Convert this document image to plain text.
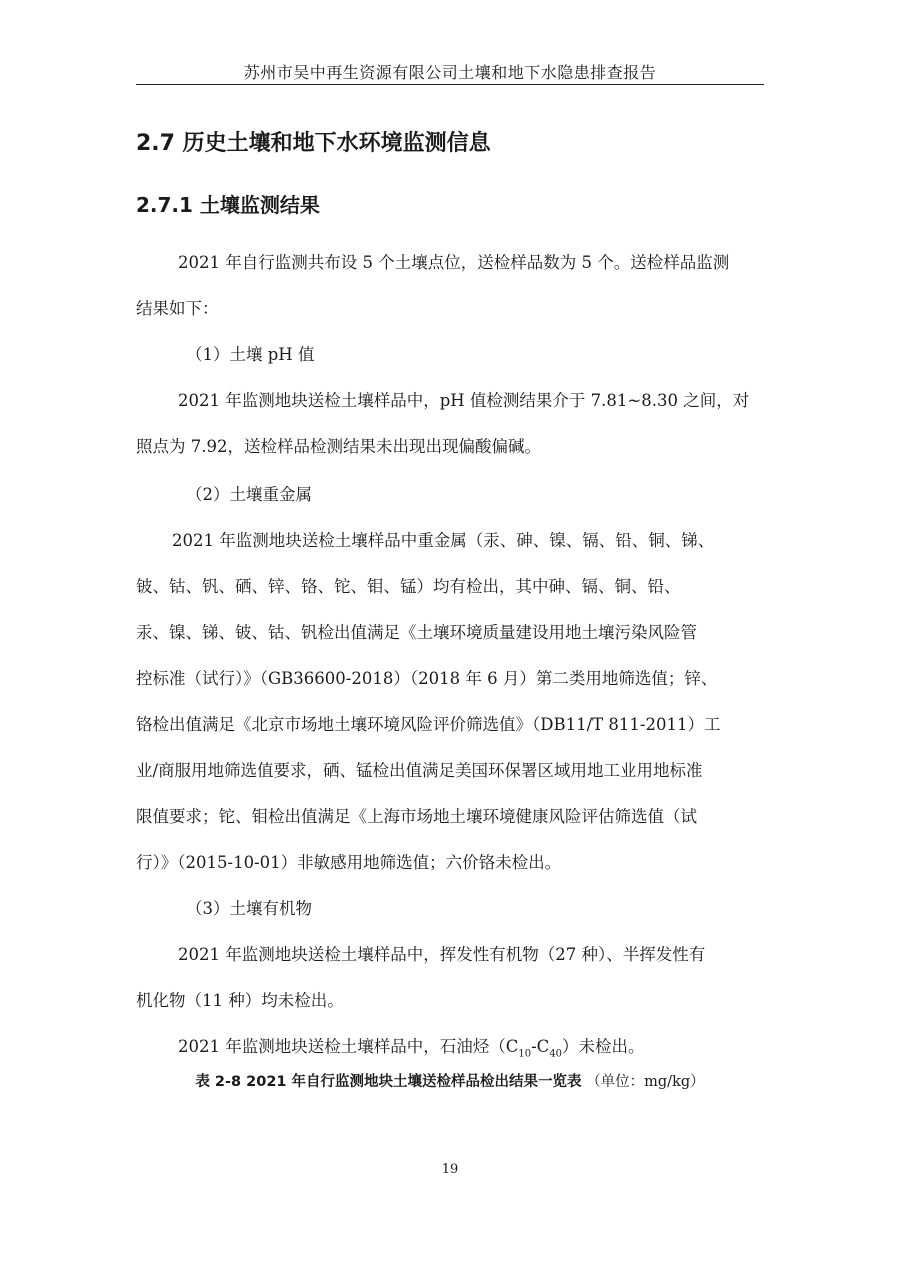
苏州市吴中再生资源有限公司土壤和地下水隐患排查报告
2.7 历史土壤和地下水环境监测信息
2.7.1 土壤监测结果

2021 年自行监测共布设 5 个土壤点位，送检样品数为 5 个。送检样品监测

结果如下：

（1）土壤 pH 值

2021 年监测地块送检土壤样品中，pH 值检测结果介于 7.81~8.30 之间，对

照点为 7.92，送检样品检测结果未出现出现偏酸偏碱。

（2）土壤重金属

2021 年监测地块送检土壤样品中重金属（汞、砷、镍、镉、铅、铜、锑、

铍、钴、钒、硒、锌、铬、铊、钼、锰）均有检出，其中砷、镉、铜、铅、

汞、镍、锑、铍、钴、钒检出值满足《土壤环境质量建设用地土壤污染风险管

控标准（试行）》（GB36600-2018）（2018 年 6 月）第二类用地筛选值；锌、

铬检出值满足《北京市场地土壤环境风险评价筛选值》（DB11/T 811-2011）工

业/商服用地筛选值要求，硒、锰检出值满足美国环保署区域用地工业用地标准

限值要求；铊、钼检出值满足《上海市场地土壤环境健康风险评估筛选值（试

行）》（2015-10-01）非敏感用地筛选值；六价铬未检出。

（3）土壤有机物

2021 年监测地块送检土壤样品中，挥发性有机物（27 种）、半挥发性有

机化物（11 种）均未检出。

2021 年监测地块送检土壤样品中，石油烃$(C_{10}-C_{40})$未检出。

表 2-8 2021 年自行监测地块土壤送检样品检出结果一览表 （单位：mg/kg）
19
